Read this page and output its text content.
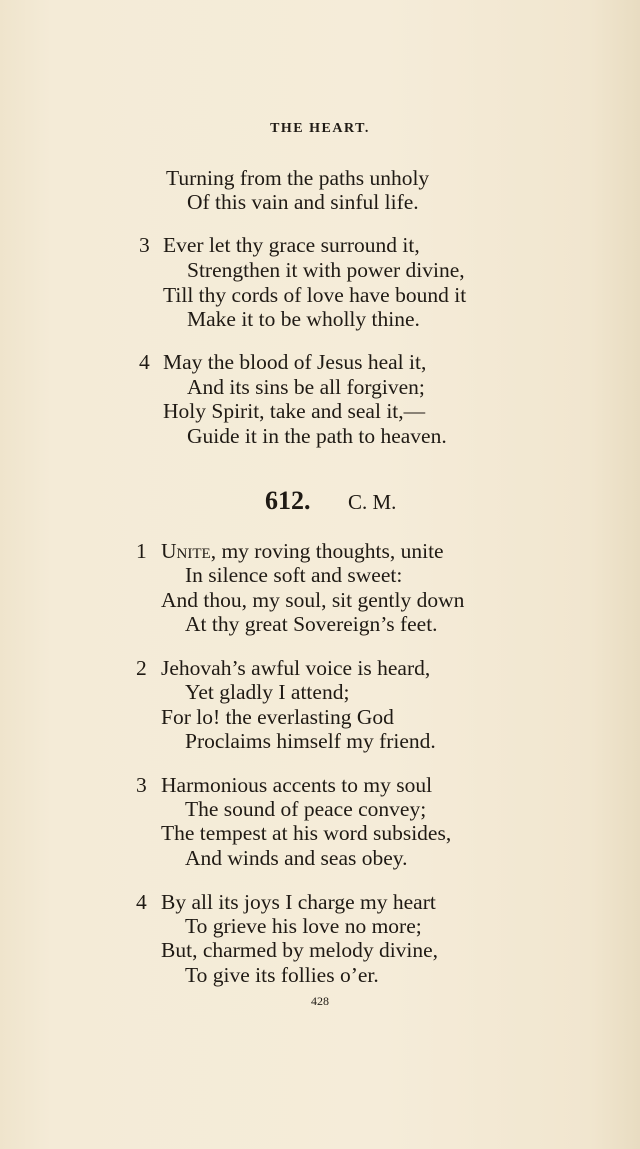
THE HEART.
Turning from the paths unholy
Of this vain and sinful life.
3 Ever let thy grace surround it,
Strengthen it with power divine,
Till thy cords of love have bound it
Make it to be wholly thine.
4 May the blood of Jesus heal it,
And its sins be all forgiven;
Holy Spirit, take and seal it,—
Guide it in the path to heaven.
612. C. M.
1 Unite, my roving thoughts, unite
In silence soft and sweet:
And thou, my soul, sit gently down
At thy great Sovereign’s feet.
2 Jehovah’s awful voice is heard,
Yet gladly I attend;
For lo! the everlasting God
Proclaims himself my friend.
3 Harmonious accents to my soul
The sound of peace convey;
The tempest at his word subsides,
And winds and seas obey.
4 By all its joys I charge my heart
To grieve his love no more;
But, charmed by melody divine,
To give its follies o’er.
428
